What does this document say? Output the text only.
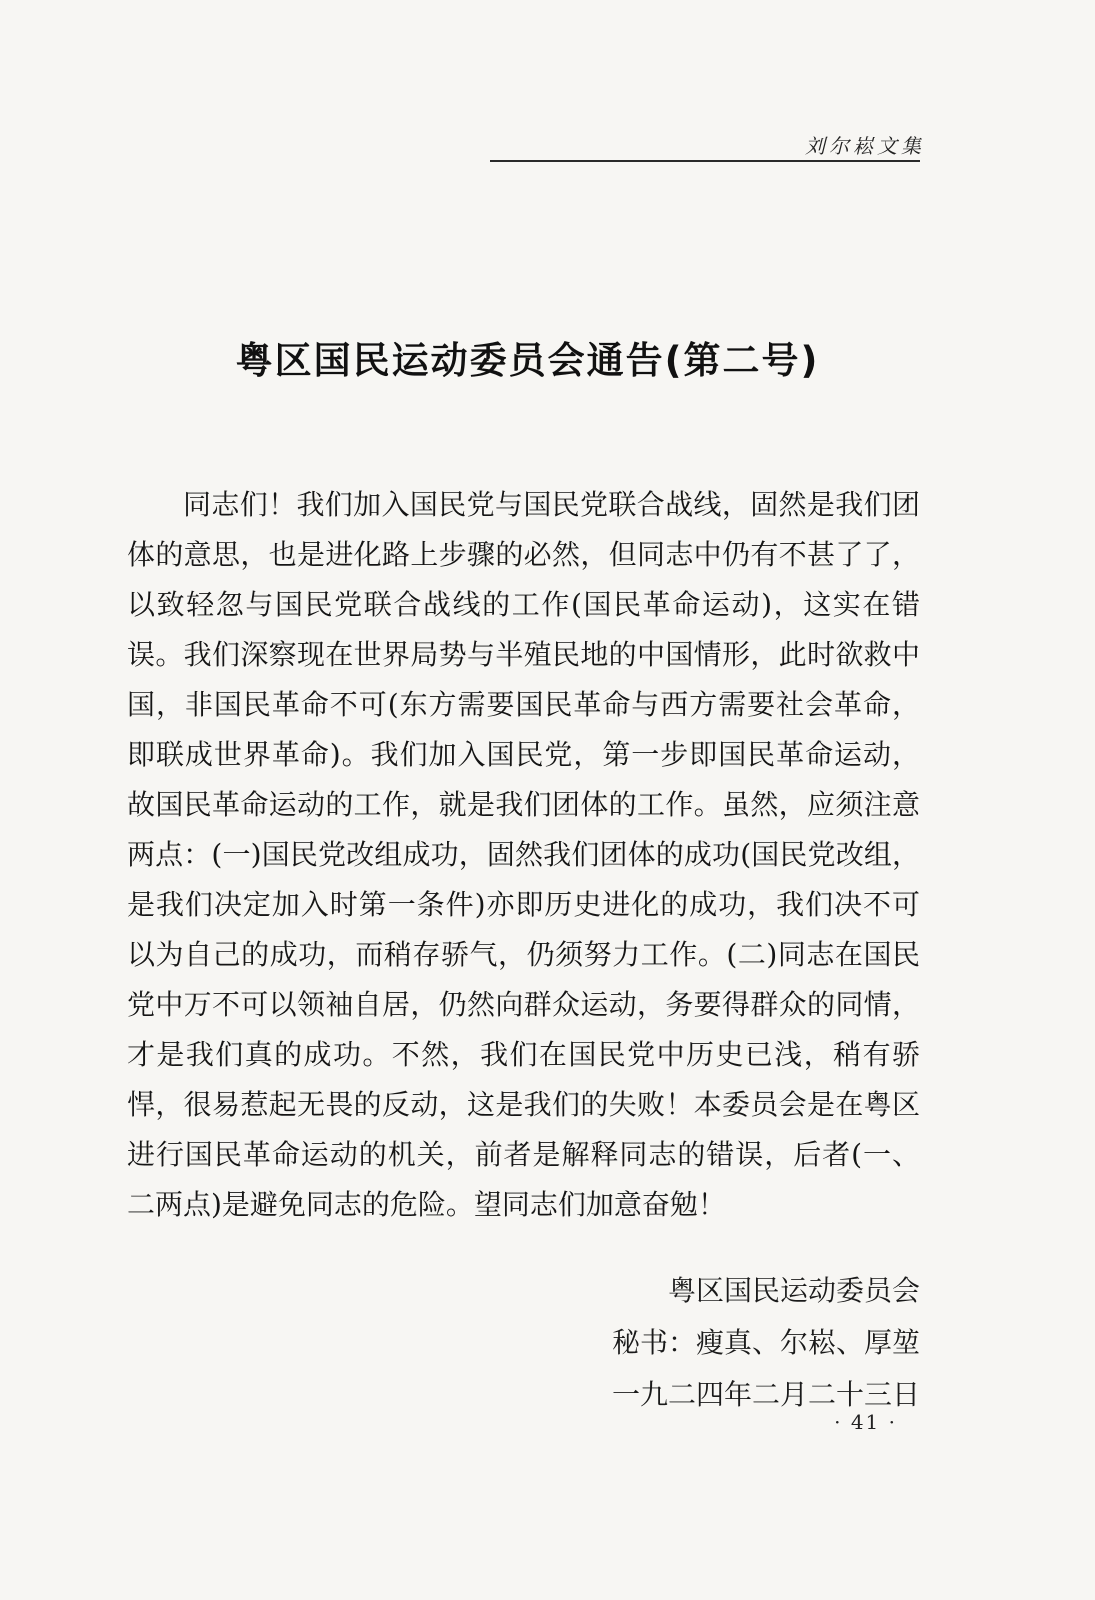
刘尔崧文集
粤区国民运动委员会通告(第二号)

同志们！我们加入国民党与国民党联合战线，固然是我们团体的意思，也是进化路上步骤的必然，但同志中仍有不甚了了，以致轻忽与国民党联合战线的工作(国民革命运动)，这实在错误。我们深察现在世界局势与半殖民地的中国情形，此时欲救中国，非国民革命不可(东方需要国民革命与西方需要社会革命，即联成世界革命)。我们加入国民党，第一步即国民革命运动，故国民革命运动的工作，就是我们团体的工作。虽然，应须注意两点：(一)国民党改组成功，固然我们团体的成功(国民党改组，是我们决定加入时第一条件)亦即历史进化的成功，我们决不可以为自己的成功，而稍存骄气，仍须努力工作。(二)同志在国民党中万不可以领袖自居，仍然向群众运动，务要得群众的同情，才是我们真的成功。不然，我们在国民党中历史已浅，稍有骄悍，很易惹起无畏的反动，这是我们的失败！本委员会是在粤区进行国民革命运动的机关，前者是解释同志的错误，后者(一、二两点)是避免同志的危险。望同志们加意奋勉！

粤区国民运动委员会
秘书：瘦真、尔崧、厚堃
一九二四年二月二十三日
· 41 ·
